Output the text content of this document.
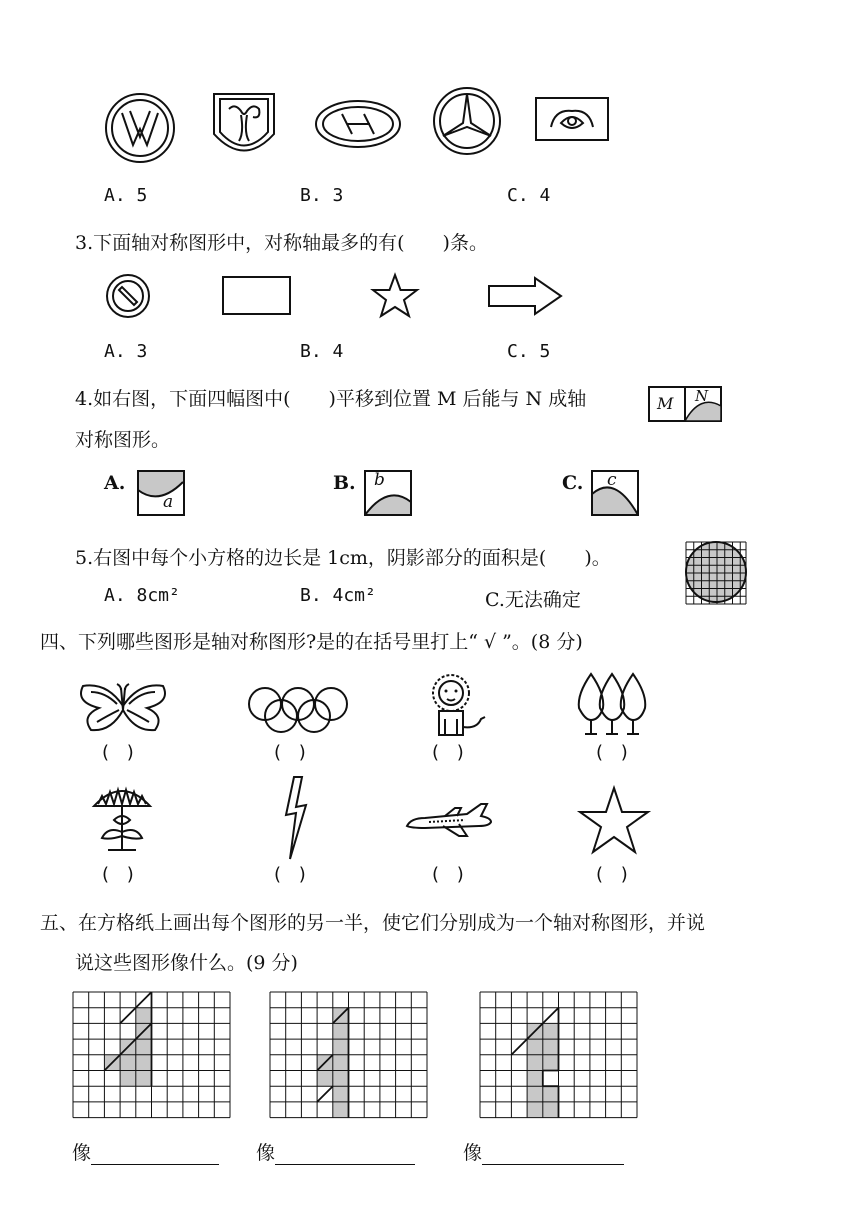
A. 5	B. 3	C. 4
3.下面轴对称图形中，对称轴最多的有(　　)条。
A. 3	B. 4	C. 5
4.如右图，下面四幅图中(　　)平移到位置 M 后能与 N 成轴
对称图形。
M N
A.
a
B. b	C. c
5.右图中每个小方格的边长是 1cm，阴影部分的面积是(　　)。
A. 8cm²	B. 4cm²	C.无法确定
四、下列哪些图形是轴对称图形?是的在括号里打上“ √ ”。(8 分)
( )	( )	( )	( )
( )	( )	( )	( )
五、在方格纸上画出每个图形的另一半，使它们分别成为一个轴对称图形，并说
说这些图形像什么。(9 分)
像	像	像
